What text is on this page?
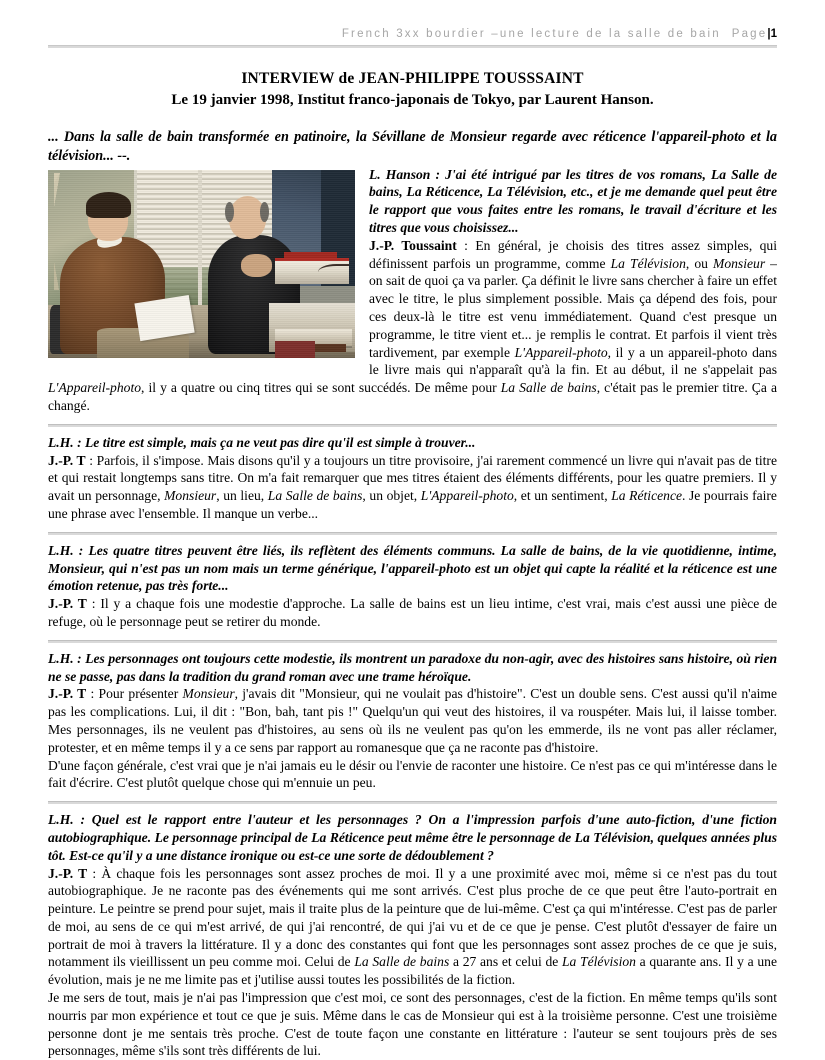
French 3xx bourdier –une lecture de la salle de bain Page|1
INTERVIEW de JEAN-PHILIPPE TOUSSSAINT
Le 19 janvier 1998, Institut franco-japonais de Tokyo, par Laurent Hanson.
... Dans la salle de bain transformée en patinoire, la Sévillane de Monsieur regarde avec réticence l'appareil-photo et la télévision... --.

L. Hanson : J'ai été intrigué par les titres de vos romans, La Salle de bains, La Réticence, La Télévision, etc., et je me demande quel peut être le rapport que vous faites entre les romans, le travail d'écriture et les titres que vous choisissez...

J.-P. Toussaint : En général, je choisis des titres assez simples, qui définissent parfois un programme, comme La Télévision, ou Monsieur – on sait de quoi ça va parler. Ça définit le livre sans chercher à faire un effet avec le titre, le plus simplement possible. Mais ça dépend des fois, pour ces deux-là le titre est venu immédiatement. Quand c'est presque un programme, le titre vient et... je remplis le contrat. Et parfois il vient très tardivement, par exemple L'Appareil-photo, il y a un appareil-photo dans le livre mais qui n'apparaît qu'à la fin. Et au début, il ne s'appelait pas L'Appareil-photo, il y a quatre ou cinq titres qui se sont succédés. De même pour La Salle de bains, c'était pas le premier titre. Ça a changé.

L.H. : Le titre est simple, mais ça ne veut pas dire qu'il est simple à trouver...

J.-P. T : Parfois, il s'impose. Mais disons qu'il y a toujours un titre provisoire, j'ai rarement commencé un livre qui n'avait pas de titre et qui restait longtemps sans titre. On m'a fait remarquer que mes titres étaient des éléments différents, pour les quatre premiers. Il y avait un personnage, Monsieur, un lieu, La Salle de bains, un objet, L'Appareil-photo, et un sentiment, La Réticence. Je pourrais faire une phrase avec l'ensemble. Il manque un verbe...

L.H. : Les quatre titres peuvent être liés, ils reflètent des éléments communs. La salle de bains, de la vie quotidienne, intime, Monsieur, qui n'est pas un nom mais un terme générique, l'appareil-photo est un objet qui capte la réalité et la réticence est une émotion retenue, pas très forte...

J.-P. T : Il y a chaque fois une modestie d'approche. La salle de bains est un lieu intime, c'est vrai, mais c'est aussi une pièce de refuge, où le personnage peut se retirer du monde.

L.H. : Les personnages ont toujours cette modestie, ils montrent un paradoxe du non-agir, avec des histoires sans histoire, où rien ne se passe, pas dans la tradition du grand roman avec une trame héroïque.

J.-P. T : Pour présenter Monsieur, j'avais dit "Monsieur, qui ne voulait pas d'histoire". C'est un double sens. C'est aussi qu'il n'aime pas les complications. Lui, il dit : "Bon, bah, tant pis !" Quelqu'un qui veut des histoires, il va rouspéter. Mais lui, il laisse tomber. Mes personnages, ils ne veulent pas d'histoires, au sens où ils ne veulent pas qu'on les emmerde, ils ne vont pas aller réclamer, protester, et en même temps il y a ce sens par rapport au romanesque que ça ne raconte pas d'histoire.

D'une façon générale, c'est vrai que je n'ai jamais eu le désir ou l'envie de raconter une histoire. Ce n'est pas ce qui m'intéresse dans le fait d'écrire. C'est plutôt quelque chose qui m'ennuie un peu.

L.H. : Quel est le rapport entre l'auteur et les personnages ? On a l'impression parfois d'une auto-fiction, d'une fiction autobiographique. Le personnage principal de La Réticence peut même être le personnage de La Télévision, quelques années plus tôt. Est-ce qu'il y a une distance ironique ou est-ce une sorte de dédoublement ?

J.-P. T : À chaque fois les personnages sont assez proches de moi. Il y a une proximité avec moi, même si ce n'est pas du tout autobiographique. Je ne raconte pas des événements qui me sont arrivés. C'est plus proche de ce que peut être l'auto-portrait en peinture. Le peintre se prend pour sujet, mais il traite plus de la peinture que de lui-même. C'est ça qui m'intéresse. C'est pas de parler de moi, au sens de ce qui m'est arrivé, de qui j'ai rencontré, de qui j'ai vu et de ce que je pense. C'est plutôt d'essayer de faire un portrait de moi à travers la littérature. Il y a donc des constantes qui font que les personnages sont assez proches de ce que je suis, notamment ils vieillissent un peu comme moi. Celui de La Salle de bains a 27 ans et celui de La Télévision a quarante ans. Il y a une évolution, mais je ne me limite pas et j'utilise aussi toutes les possibilités de la fiction.

Je me sers de tout, mais je n'ai pas l'impression que c'est moi, ce sont des personnages, c'est de la fiction. En même temps qu'ils sont nourris par mon expérience et tout ce que je suis. Même dans le cas de Monsieur qui est à la troisième personne. C'est une troisième personne dont je me sentais très proche. C'est de toute façon une constante en littérature : l'auteur se sent toujours près de ses personnages, même s'ils sont très différents de lui.
